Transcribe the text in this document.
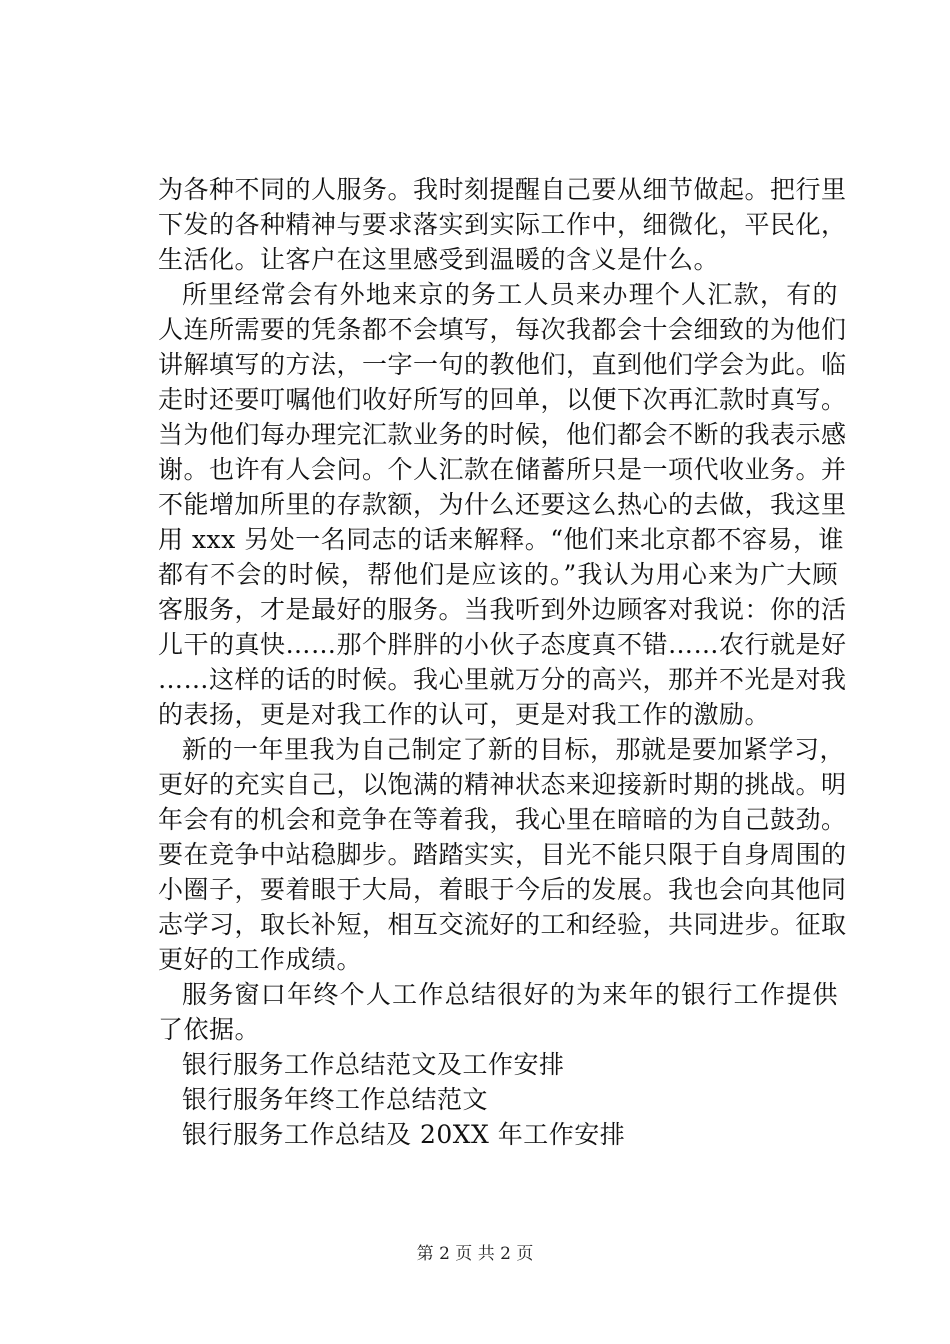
为各种不同的人服务。我时刻提醒自己要从细节做起。把行里
下发的各种精神与要求落实到实际工作中，细微化，平民化，
生活化。让客户在这里感受到温暖的含义是什么。
所里经常会有外地来京的务工人员来办理个人汇款，有的
人连所需要的凭条都不会填写，每次我都会十会细致的为他们
讲解填写的方法，一字一句的教他们，直到他们学会为此。临
走时还要叮嘱他们收好所写的回单，以便下次再汇款时真写。
当为他们每办理完汇款业务的时候，他们都会不断的我表示感
谢。也许有人会问。个人汇款在储蓄所只是一项代收业务。并
不能增加所里的存款额，为什么还要这么热心的去做，我这里
用 xxx 另处一名同志的话来解释。“他们来北京都不容易，谁
都有不会的时候，帮他们是应该的。”我认为用心来为广大顾
客服务，才是最好的服务。当我听到外边顾客对我说：你的活
儿干的真快……那个胖胖的小伙子态度真不错……农行就是好
……这样的话的时候。我心里就万分的高兴，那并不光是对我
的表扬，更是对我工作的认可，更是对我工作的激励。
新的一年里我为自己制定了新的目标，那就是要加紧学习，
更好的充实自己，以饱满的精神状态来迎接新时期的挑战。明
年会有的机会和竞争在等着我，我心里在暗暗的为自己鼓劲。
要在竞争中站稳脚步。踏踏实实，目光不能只限于自身周围的
小圈子，要着眼于大局，着眼于今后的发展。我也会向其他同
志学习，取长补短，相互交流好的工和经验，共同进步。征取
更好的工作成绩。
服务窗口年终个人工作总结很好的为来年的银行工作提供
了依据。
银行服务工作总结范文及工作安排
银行服务年终工作总结范文
银行服务工作总结及 20XX 年工作安排
第 2 页 共 2 页
